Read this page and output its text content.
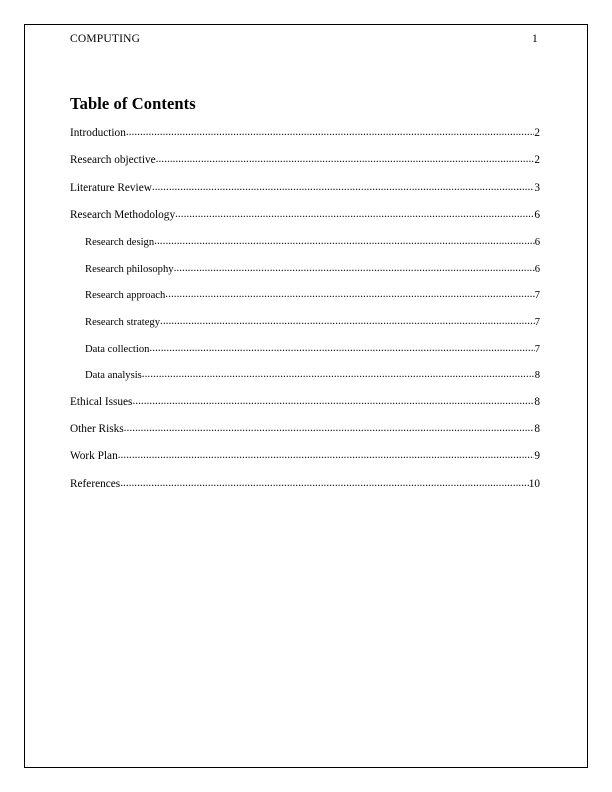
COMPUTING	1
Table of Contents
Introduction .....	2
Research objective .....	2
Literature Review .....	3
Research Methodology .....	6
Research design .....	6
Research philosophy .....	6
Research approach .....	7
Research strategy .....	7
Data collection .....	7
Data analysis .....	8
Ethical Issues .....	8
Other Risks .....	8
Work Plan .....	9
References .....	10
